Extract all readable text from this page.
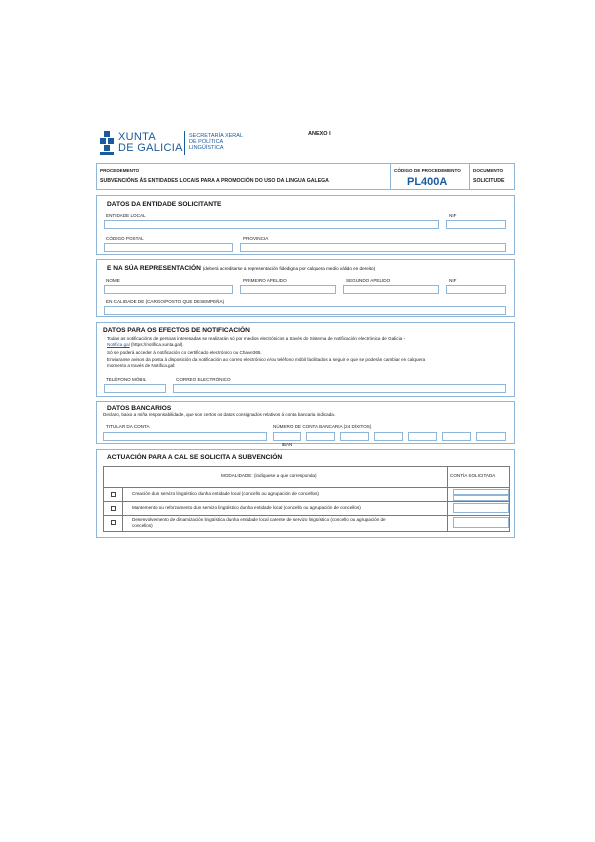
XUNTA
DE GALICIA
SECRETARÍA XERAL
DE POLÍTICA
LINGÜÍSTICA
ANEXO I
PROCEDEMENTO
SUBVENCIÓNS ÁS ENTIDADES LOCAIS PARA A PROMOCIÓN DO USO DA LINGUA GALEGA
CÓDIGO DE PROCEDEMENTO
PL400A
DOCUMENTO
SOLICITUDE
DATOS DA ENTIDADE SOLICITANTE
ENTIDADE LOCAL	NIF
CÓDIGO POSTAL	PROVINCIA
E NA SÚA REPRESENTACIÓN (deberá acreditarse a representación fidedigna por calquera medio válido en dereito)
NOME	PRIMEIRO APELIDO	SEGUNDO APELIDO	NIF
EN CALIDADE DE (CARGO/POSTO QUE DESEMPEÑA)
DATOS PARA OS EFECTOS DE NOTIFICACIÓN
Todas as notificacións de persoas interesadas se realizarán só por medios electrónicos a través do Sistema de notificación electrónica de Galicia -
Notifica.gal (https://notifica.xunta.gal).
Só se poderá acceder á notificación co certificado electrónico ou Chave365.
Enviaranse avisos da posta á disposición da notificación ao correo electrónico e/ou teléfono móbil facilitados a seguir e que se poderán cambiar en calquera
momento a través de Notifica.gal:
TELÉFONO MÓBIL	CORREO ELECTRÓNICO
DATOS BANCARIOS
Declaro, baixo a miña responsabilidade, que son certos os datos consignados relativos á conta bancaria indicada.
TITULAR DA CONTA	NÚMERO DE CONTA BANCARIA (24 DÍXITOS)
IBAN
ACTUACIÓN PARA A CAL SE SOLICITA A SUBVENCIÓN
MODALIDADE: (indíquese a que corresponda)	CONTÍA SOLICITADA
Creación dun servizo lingüístico dunha entidade local (concello ou agrupación de concellos)
Mantemento ou reforzamento dun servizo lingüístico dunha entidade local (concello ou agrupación de concellos)
Desenvolvemento de dinamización lingüística dunha entidade local carente de servizo lingüístico (concello ou agrupación de
concellos)
